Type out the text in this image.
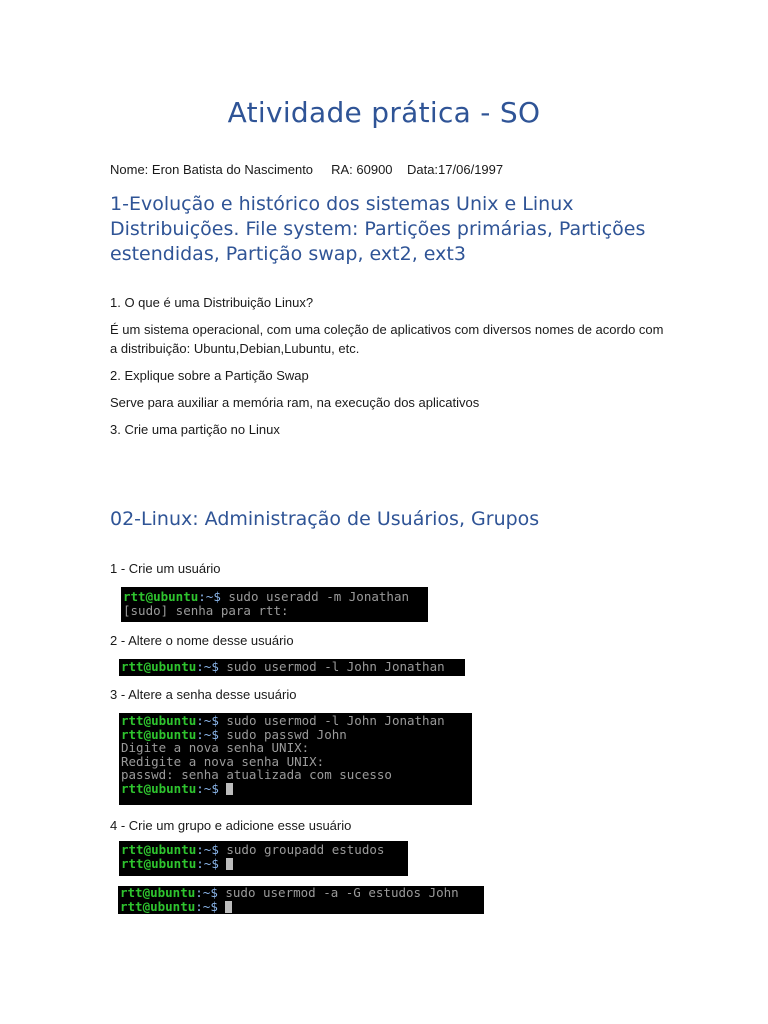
Atividade prática - SO
Nome: Eron Batista do Nascimento     RA: 60900    Data:17/06/1997
1-Evolução e histórico dos sistemas Unix e Linux Distribuições. File system: Partições primárias, Partições estendidas, Partição swap, ext2, ext3

1. O que é uma Distribuição Linux?

É um sistema operacional, com uma coleção de aplicativos com diversos nomes de acordo com a distribuição: Ubuntu,Debian,Lubuntu, etc.

2. Explique sobre a Partição Swap

Serve para auxiliar a memória ram, na execução dos aplicativos

3. Crie uma partição no Linux

02-Linux: Administração de Usuários, Grupos

1 - Crie um usuário

rtt@ubuntu:~$ sudo useradd -m Jonathan
[sudo] senha para rtt:

2 - Altere o nome desse usuário

rtt@ubuntu:~$ sudo usermod -l John Jonathan

3 - Altere a senha desse usuário

rtt@ubuntu:~$ sudo usermod -l John Jonathan
rtt@ubuntu:~$ sudo passwd John
Digite a nova senha UNIX:
Redigite a nova senha UNIX:
passwd: senha atualizada com sucesso
rtt@ubuntu:~$

4 - Crie um grupo e adicione esse usuário

rtt@ubuntu:~$ sudo groupadd estudos
rtt@ubuntu:~$
rtt@ubuntu:~$ sudo usermod -a -G estudos John
rtt@ubuntu:~$
